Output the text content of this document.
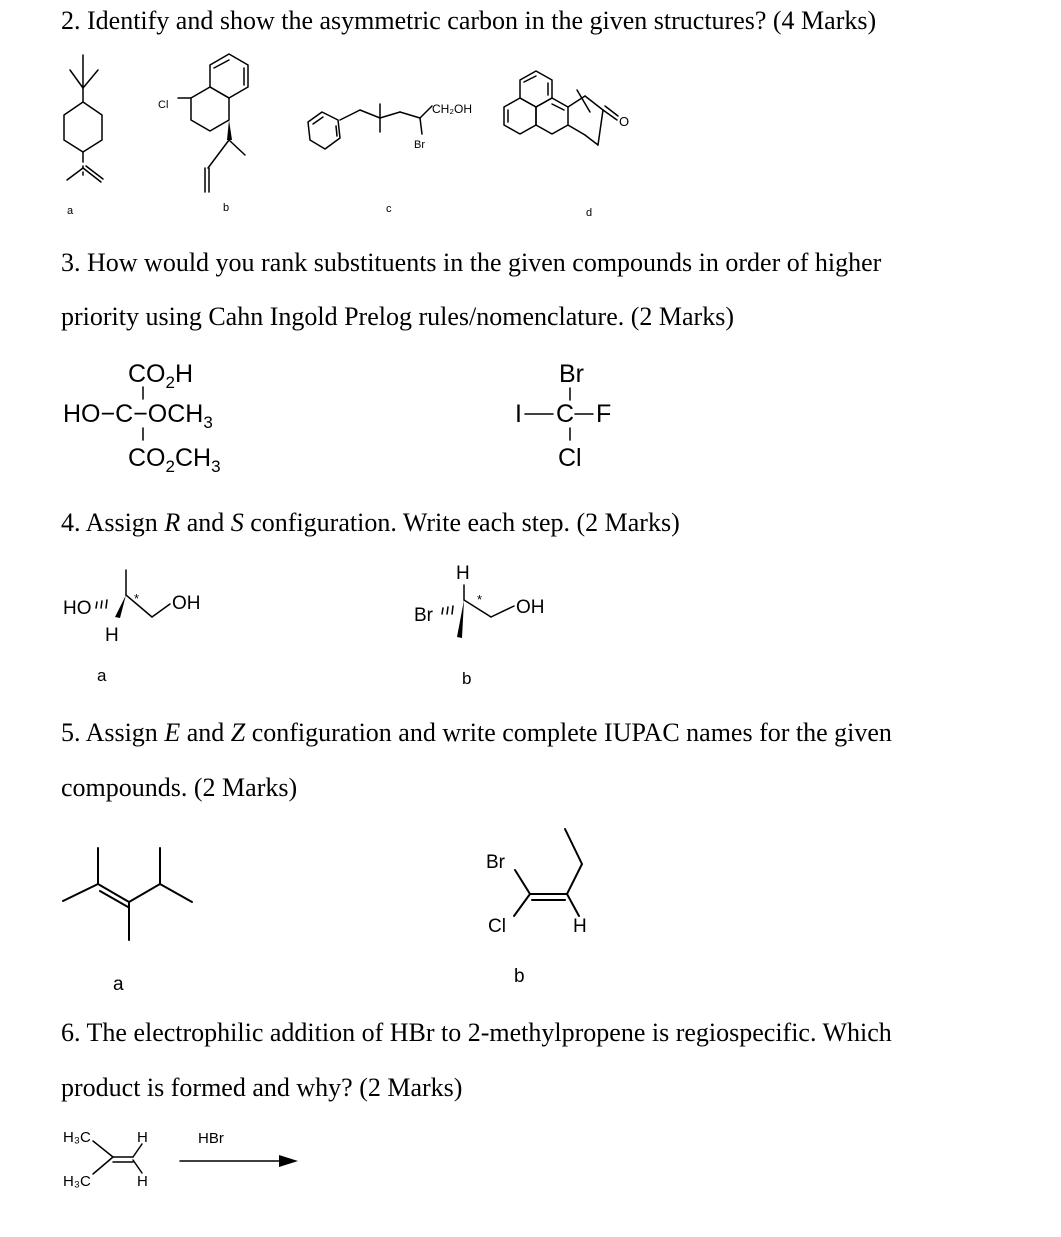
2. Identify and show the asymmetric carbon in the given structures? (4 Marks)
a
Cl
b
CH₂OH
Br
c
O
d
$CO_2H$
$HO-C-OCH_3$
$CO_2CH_3$
Br
I C F
Cl
HO	*
H
OH
a
H
Br
* OH
b
a
Br
Cl	H
b
H₃C
H₃C
H
H
HBr
3. How would you rank substituents in the given compounds in order of higher
priority using Cahn Ingold Prelog rules/nomenclature. (2 Marks)
4. Assign R and S configuration. Write each step. (2 Marks)
5. Assign E and Z configuration and write complete IUPAC names for the given
compounds. (2 Marks)
6. The electrophilic addition of HBr to 2-methylpropene is regiospecific. Which
product is formed and why? (2 Marks)
